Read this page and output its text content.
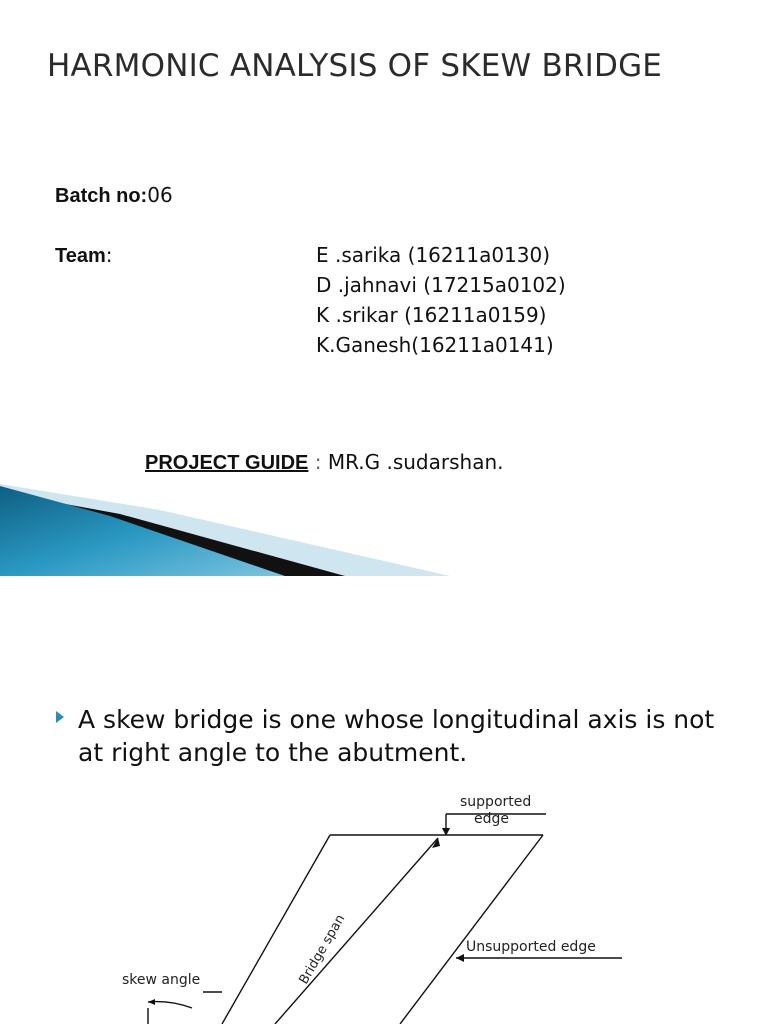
HARMONIC ANALYSIS OF SKEW BRIDGE
Batch no:06
Team:	E .sarika (16211a0130)
D .jahnavi (17215a0102)
K .srikar (16211a0159)
K.Ganesh(16211a0141)
PROJECT GUIDE : MR.G .sudarshan.
A skew bridge is one whose longitudinal axis is not at right angle to the abutment.
supported
edge
Unsupported edge
skew angle	Bridge span
